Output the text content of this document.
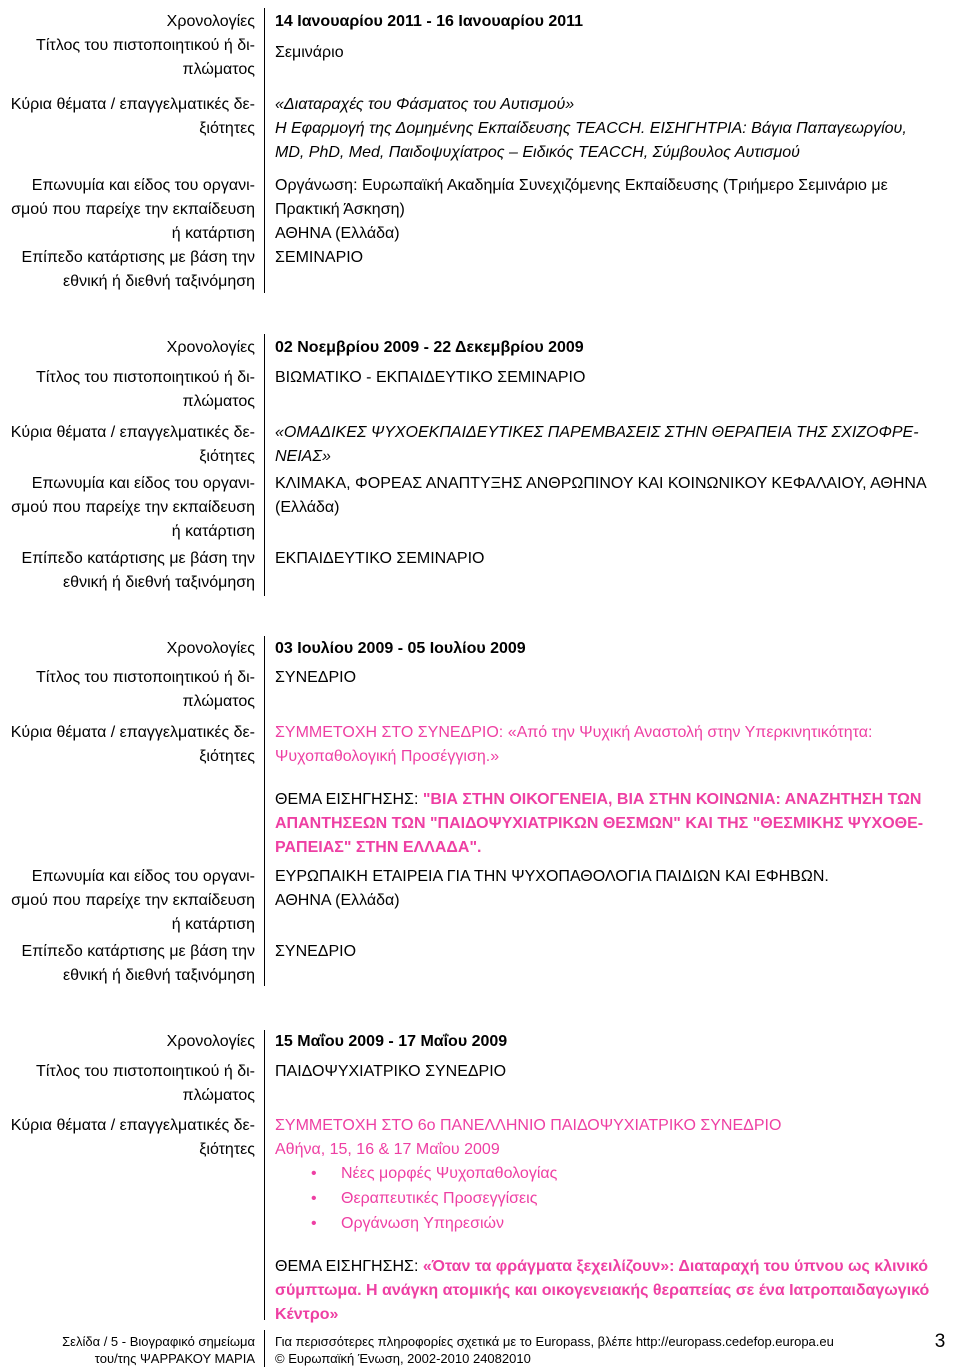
Χρονολογίες 14 Ιανουαρίου 2011 - 16 Ιανουαρίου 2011
Τίτλος του πιστοποιητικού ή δι-
πλώματος
Σεμινάριο
Κύρια θέματα / επαγγελματικές δε-
ξιότητες
«Διαταραχές του Φάσματος του Αυτισμού»
Η Εφαρμογή της Δομημένης Εκπαίδευσης TEACCH. ΕΙΣΗΓΗΤΡΙΑ: Βάγια Παπαγεωργίου,
MD, PhD, Med, Παιδοψυχίατρος – Ειδικός TEACCH, Σύμβουλος Αυτισμού
Επωνυμία και είδος του οργανι-
σμού που παρείχε την εκπαίδευση
ή κατάρτιση
Οργάνωση: Ευρωπαϊκή Ακαδημία Συνεχιζόμενης Εκπαίδευσης (Τριήμερο Σεμινάριο με
Πρακτική Άσκηση)
ΑΘΗΝΑ (Ελλάδα)
Επίπεδο κατάρτισης με βάση την
εθνική ή διεθνή ταξινόμηση
ΣΕΜΙΝΑΡΙΟ
Χρονολογίες 02 Νοεμβρίου 2009 - 22 Δεκεμβρίου 2009
Τίτλος του πιστοποιητικού ή δι-
πλώματος
ΒΙΩΜΑΤΙΚΟ - ΕΚΠΑΙΔΕΥΤΙΚΟ ΣΕΜΙΝΑΡΙΟ
Κύρια θέματα / επαγγελματικές δε-
ξιότητες
«ΟΜΑΔΙΚΕΣ ΨΥΧΟΕΚΠΑΙΔΕΥΤΙΚΕΣ ΠΑΡΕΜΒΑΣΕΙΣ ΣΤΗΝ ΘΕΡΑΠΕΙΑ ΤΗΣ ΣΧΙΖΟΦΡΕ-
ΝΕΙΑΣ»
Επωνυμία και είδος του οργανι-
σμού που παρείχε την εκπαίδευση
ή κατάρτιση
ΚΛΙΜΑΚΑ, ΦΟΡΕΑΣ ΑΝΑΠΤΥΞΗΣ ΑΝΘΡΩΠΙΝΟΥ ΚΑΙ ΚΟΙΝΩΝΙΚΟΥ ΚΕΦΑΛΑΙΟΥ, ΑΘΗΝΑ
(Ελλάδα)
Επίπεδο κατάρτισης με βάση την
εθνική ή διεθνή ταξινόμηση
ΕΚΠΑΙΔΕΥΤΙΚΟ ΣΕΜΙΝΑΡΙΟ
Χρονολογίες 03 Ιουλίου 2009 - 05 Ιουλίου 2009
Τίτλος του πιστοποιητικού ή δι-
πλώματος
ΣΥΝΕΔΡΙΟ
Κύρια θέματα / επαγγελματικές δε-
ξιότητες
ΣΥΜΜΕΤΟΧΗ ΣΤΟ ΣΥΝΕΔΡΙΟ: «Από την Ψυχική Αναστολή στην Υπερκινητικότητα:
Ψυχοπαθολογική Προσέγγιση.»
ΘΕΜΑ ΕΙΣΗΓΗΣΗΣ: "ΒΙΑ ΣΤΗΝ ΟΙΚΟΓΕΝΕΙΑ, ΒΙΑ ΣΤΗΝ ΚΟΙΝΩΝΙΑ: ΑΝΑΖΗΤΗΣΗ ΤΩΝ
ΑΠΑΝΤΗΣΕΩΝ ΤΩΝ "ΠΑΙΔΟΨΥΧΙΑΤΡΙΚΩΝ ΘΕΣΜΩΝ" ΚΑΙ ΤΗΣ "ΘΕΣΜΙΚΗΣ ΨΥΧΟΘΕ-
ΡΑΠΕΙΑΣ" ΣΤΗΝ ΕΛΛΑΔΑ".
Επωνυμία και είδος του οργανι-
σμού που παρείχε την εκπαίδευση
ή κατάρτιση
ΕΥΡΩΠΑΙΚΗ ΕΤΑΙΡΕΙΑ ΓΙΑ ΤΗΝ ΨΥΧΟΠΑΘΟΛΟΓΙΑ ΠΑΙΔΙΩΝ ΚΑΙ ΕΦΗΒΩΝ.
ΑΘΗΝΑ (Ελλάδα)
Επίπεδο κατάρτισης με βάση την
εθνική ή διεθνή ταξινόμηση
ΣΥΝΕΔΡΙΟ
Χρονολογίες 15 Μαΐου 2009 - 17 Μαΐου 2009
Τίτλος του πιστοποιητικού ή δι-
πλώματος
ΠΑΙΔΟΨΥΧΙΑΤΡΙΚΟ ΣΥΝΕΔΡΙΟ
Κύρια θέματα / επαγγελματικές δε-
ξιότητες
ΣΥΜΜΕΤΟΧΗ ΣΤΟ 6ο ΠΑΝΕΛΛΗΝΙΟ ΠΑΙΔΟΨΥΧΙΑΤΡΙΚΟ ΣΥΝΕΔΡΙΟ
Αθήνα, 15, 16 & 17 Μαΐου 2009
• Νέες μορφές Ψυχοπαθολογίας
• Θεραπευτικές Προσεγγίσεις
• Οργάνωση Υπηρεσιών
ΘΕΜΑ ΕΙΣΗΓΗΣΗΣ: «Όταν τα φράγματα ξεχειλίζουν»: Διαταραχή του ύπνου ως κλινικό
σύμπτωμα. Η ανάγκη ατομικής και οικογενειακής θεραπείας σε ένα Ιατροπαιδαγωγικό
Κέντρο»
Σελίδα / 5 - Βιογραφικό σημείωμα
του/της ΨΑΡΡΑΚΟΥ ΜΑΡΙΑ
Για περισσότερες πληροφορίες σχετικά με το Europass, βλέπε http://europass.cedefop.europa.eu
© Ευρωπαϊκή Ένωση, 2002-2010 24082010
3
